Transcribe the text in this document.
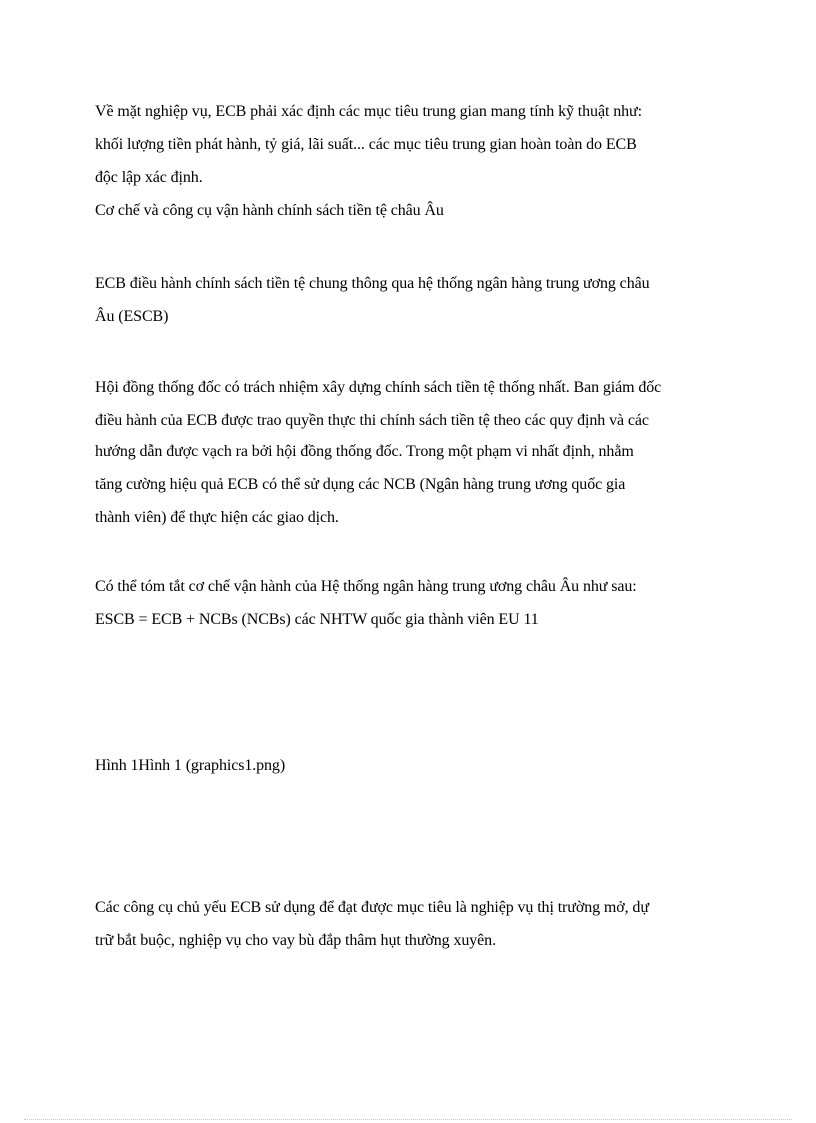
Về mặt nghiệp vụ, ECB phải xác định các mục tiêu trung gian mang tính kỹ thuật như:
khối lượng tiền phát hành, tỷ giá, lãi suất... các mục tiêu trung gian hoàn toàn do ECB
độc lập xác định.
Cơ chế và công cụ vận hành chính sách tiền tệ châu Âu
ECB điều hành chính sách tiền tệ chung thông qua hệ thống ngân hàng trung ương châu
Âu (ESCB)
Hội đồng thống đốc có trách nhiệm xây dựng chính sách tiền tệ thống nhất. Ban giám đốc
điều hành của ECB được trao quyền thực thi chính sách tiền tệ theo các quy định và các
hướng dẫn được vạch ra bởi hội đồng thống đốc. Trong một phạm vi nhất định, nhằm
tăng cường hiệu quả ECB có thể sử dụng các NCB (Ngân hàng trung ương quốc gia
thành viên) để thực hiện các giao dịch.
Có thể tóm tắt cơ chế vận hành của Hệ thống ngân hàng trung ương châu Âu như sau:
ESCB = ECB + NCBs (NCBs) các NHTW quốc gia thành viên EU 11
Hình 1Hình 1 (graphics1.png)
Các công cụ chủ yếu ECB sử dụng để đạt được mục tiêu là nghiệp vụ thị trường mở, dự
trữ bắt buộc, nghiệp vụ cho vay bù đắp thâm hụt thường xuyên.
